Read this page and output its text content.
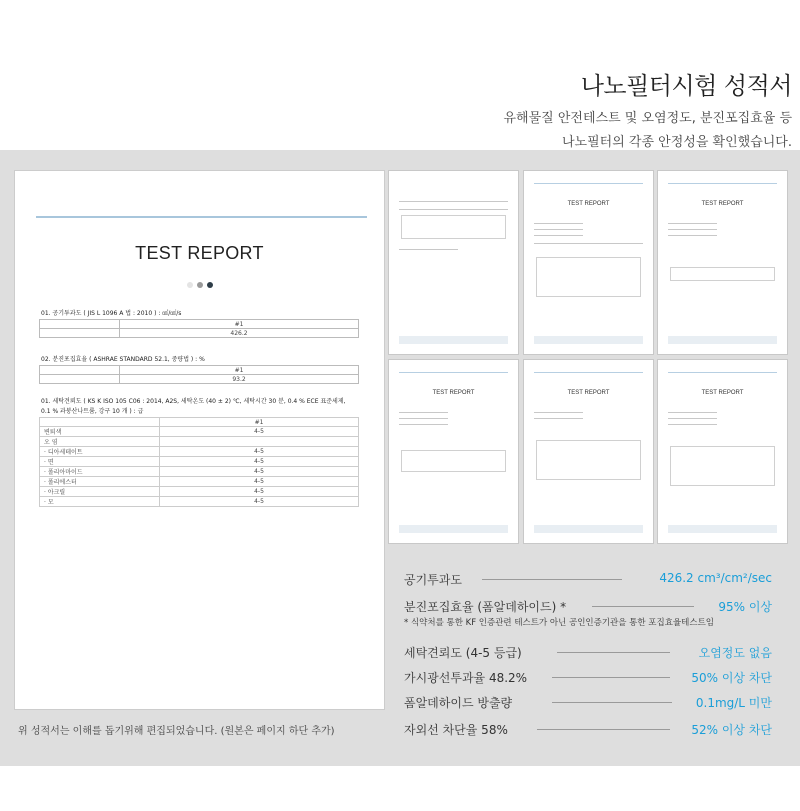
나노필터시험 성적서
유해물질 안전테스트 및 오염정도, 분진포집효율 등
나노필터의 각종 안정성을 확인했습니다.
TEST REPORT
01. 공기투과도 ( JIS L 1096 A 법 : 2010 ) : ㎤/㎠/s
	#1
	426.2
02. 분진포집효율 ( ASHRAE STANDARD 52.1, 중량법 ) : %
	#1
	93.2
01. 세탁견뢰도 ( KS K ISO 105 C06 : 2014, A2S, 세탁온도 (40 ± 2) ℃, 세탁시간 30 분, 0.4 % ECE 표준세제,
0.1 % 과붕산나트륨, 강구 10 개 ) : 급
	#1
변퇴색	4-5
오 염	
· 디아세테이트	4-5
· 면	4-5
· 폴리아마이드	4-5
· 폴리에스터	4-5
· 아크릴	4-5
· 모	4-5
위 성적서는 이해를 돕기위해 편집되었습니다. (원본은 페이지 하단 추가)
TEST REPORT	TEST REPORT
TEST REPORT	TEST REPORT	TEST REPORT
공기투과도	426.2 cm³/cm²/sec
분진포집효율 (폼알데하이드) *	95% 이상
* 식약처를 통한 KF 인증관련 테스트가 아닌 공인인증기관을 통한 포집효율테스트임
세탁견뢰도 (4-5 등급)	오염정도 없음
가시광선투과율 48.2%	50% 이상 차단
폼알데하이드 방출량	0.1mg/L 미만
자외선 차단율 58%	52% 이상 차단
